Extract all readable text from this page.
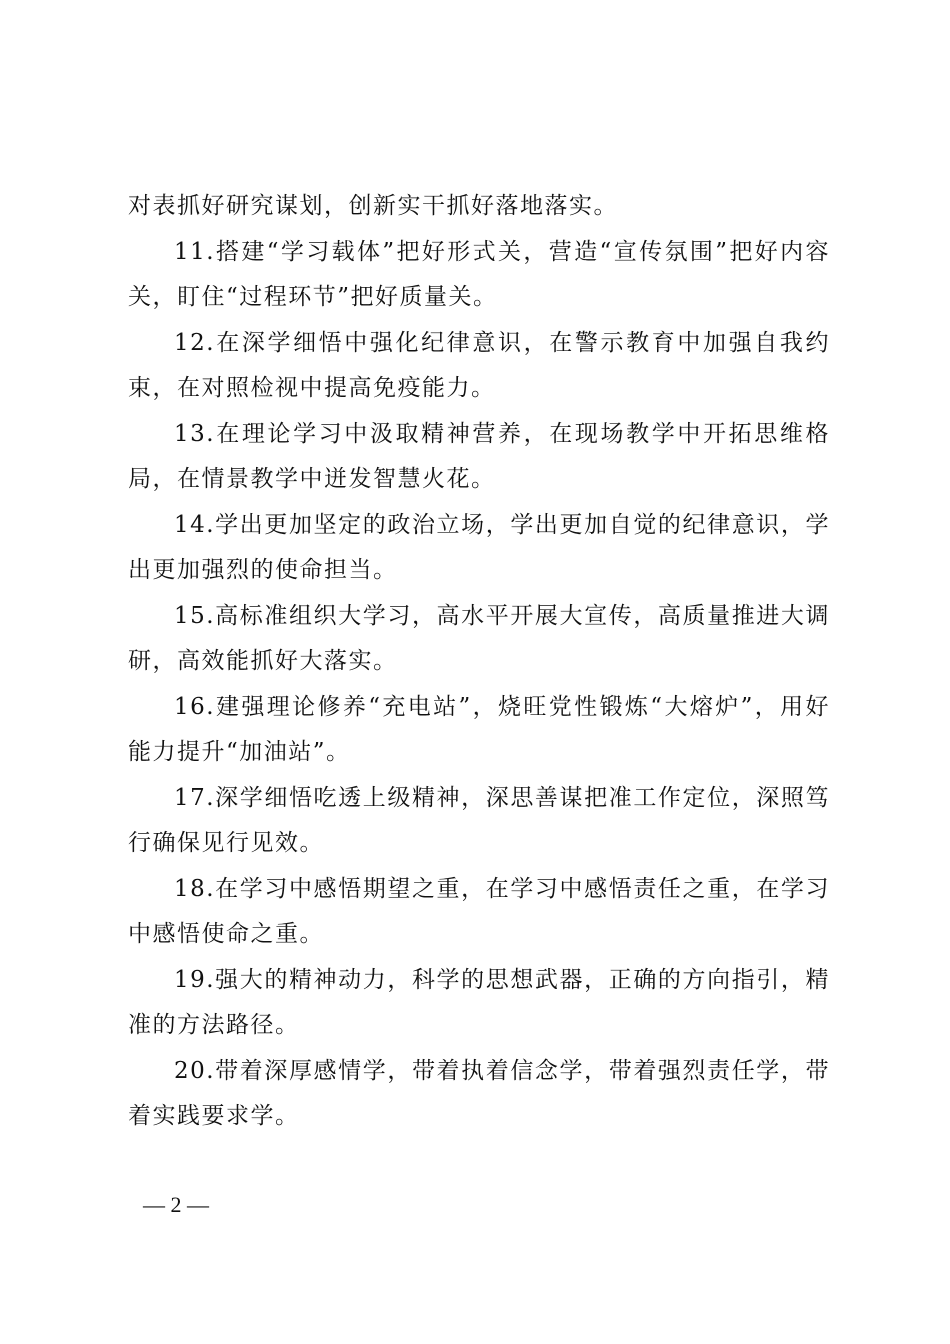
对表抓好研究谋划，创新实干抓好落地落实。

11.搭建“学习载体”把好形式关，营造“宣传氛围”把好内容关，盯住“过程环节”把好质量关。

12.在深学细悟中强化纪律意识，在警示教育中加强自我约束，在对照检视中提高免疫能力。

13.在理论学习中汲取精神营养，在现场教学中开拓思维格局，在情景教学中迸发智慧火花。

14.学出更加坚定的政治立场，学出更加自觉的纪律意识，学出更加强烈的使命担当。

15.高标准组织大学习，高水平开展大宣传，高质量推进大调研，高效能抓好大落实。

16.建强理论修养“充电站”，烧旺党性锻炼“大熔炉”，用好能力提升“加油站”。

17.深学细悟吃透上级精神，深思善谋把准工作定位，深照笃行确保见行见效。

18.在学习中感悟期望之重，在学习中感悟责任之重，在学习中感悟使命之重。

19.强大的精神动力，科学的思想武器，正确的方向指引，精准的方法路径。

20.带着深厚感情学，带着执着信念学，带着强烈责任学，带着实践要求学。

— 2 —
